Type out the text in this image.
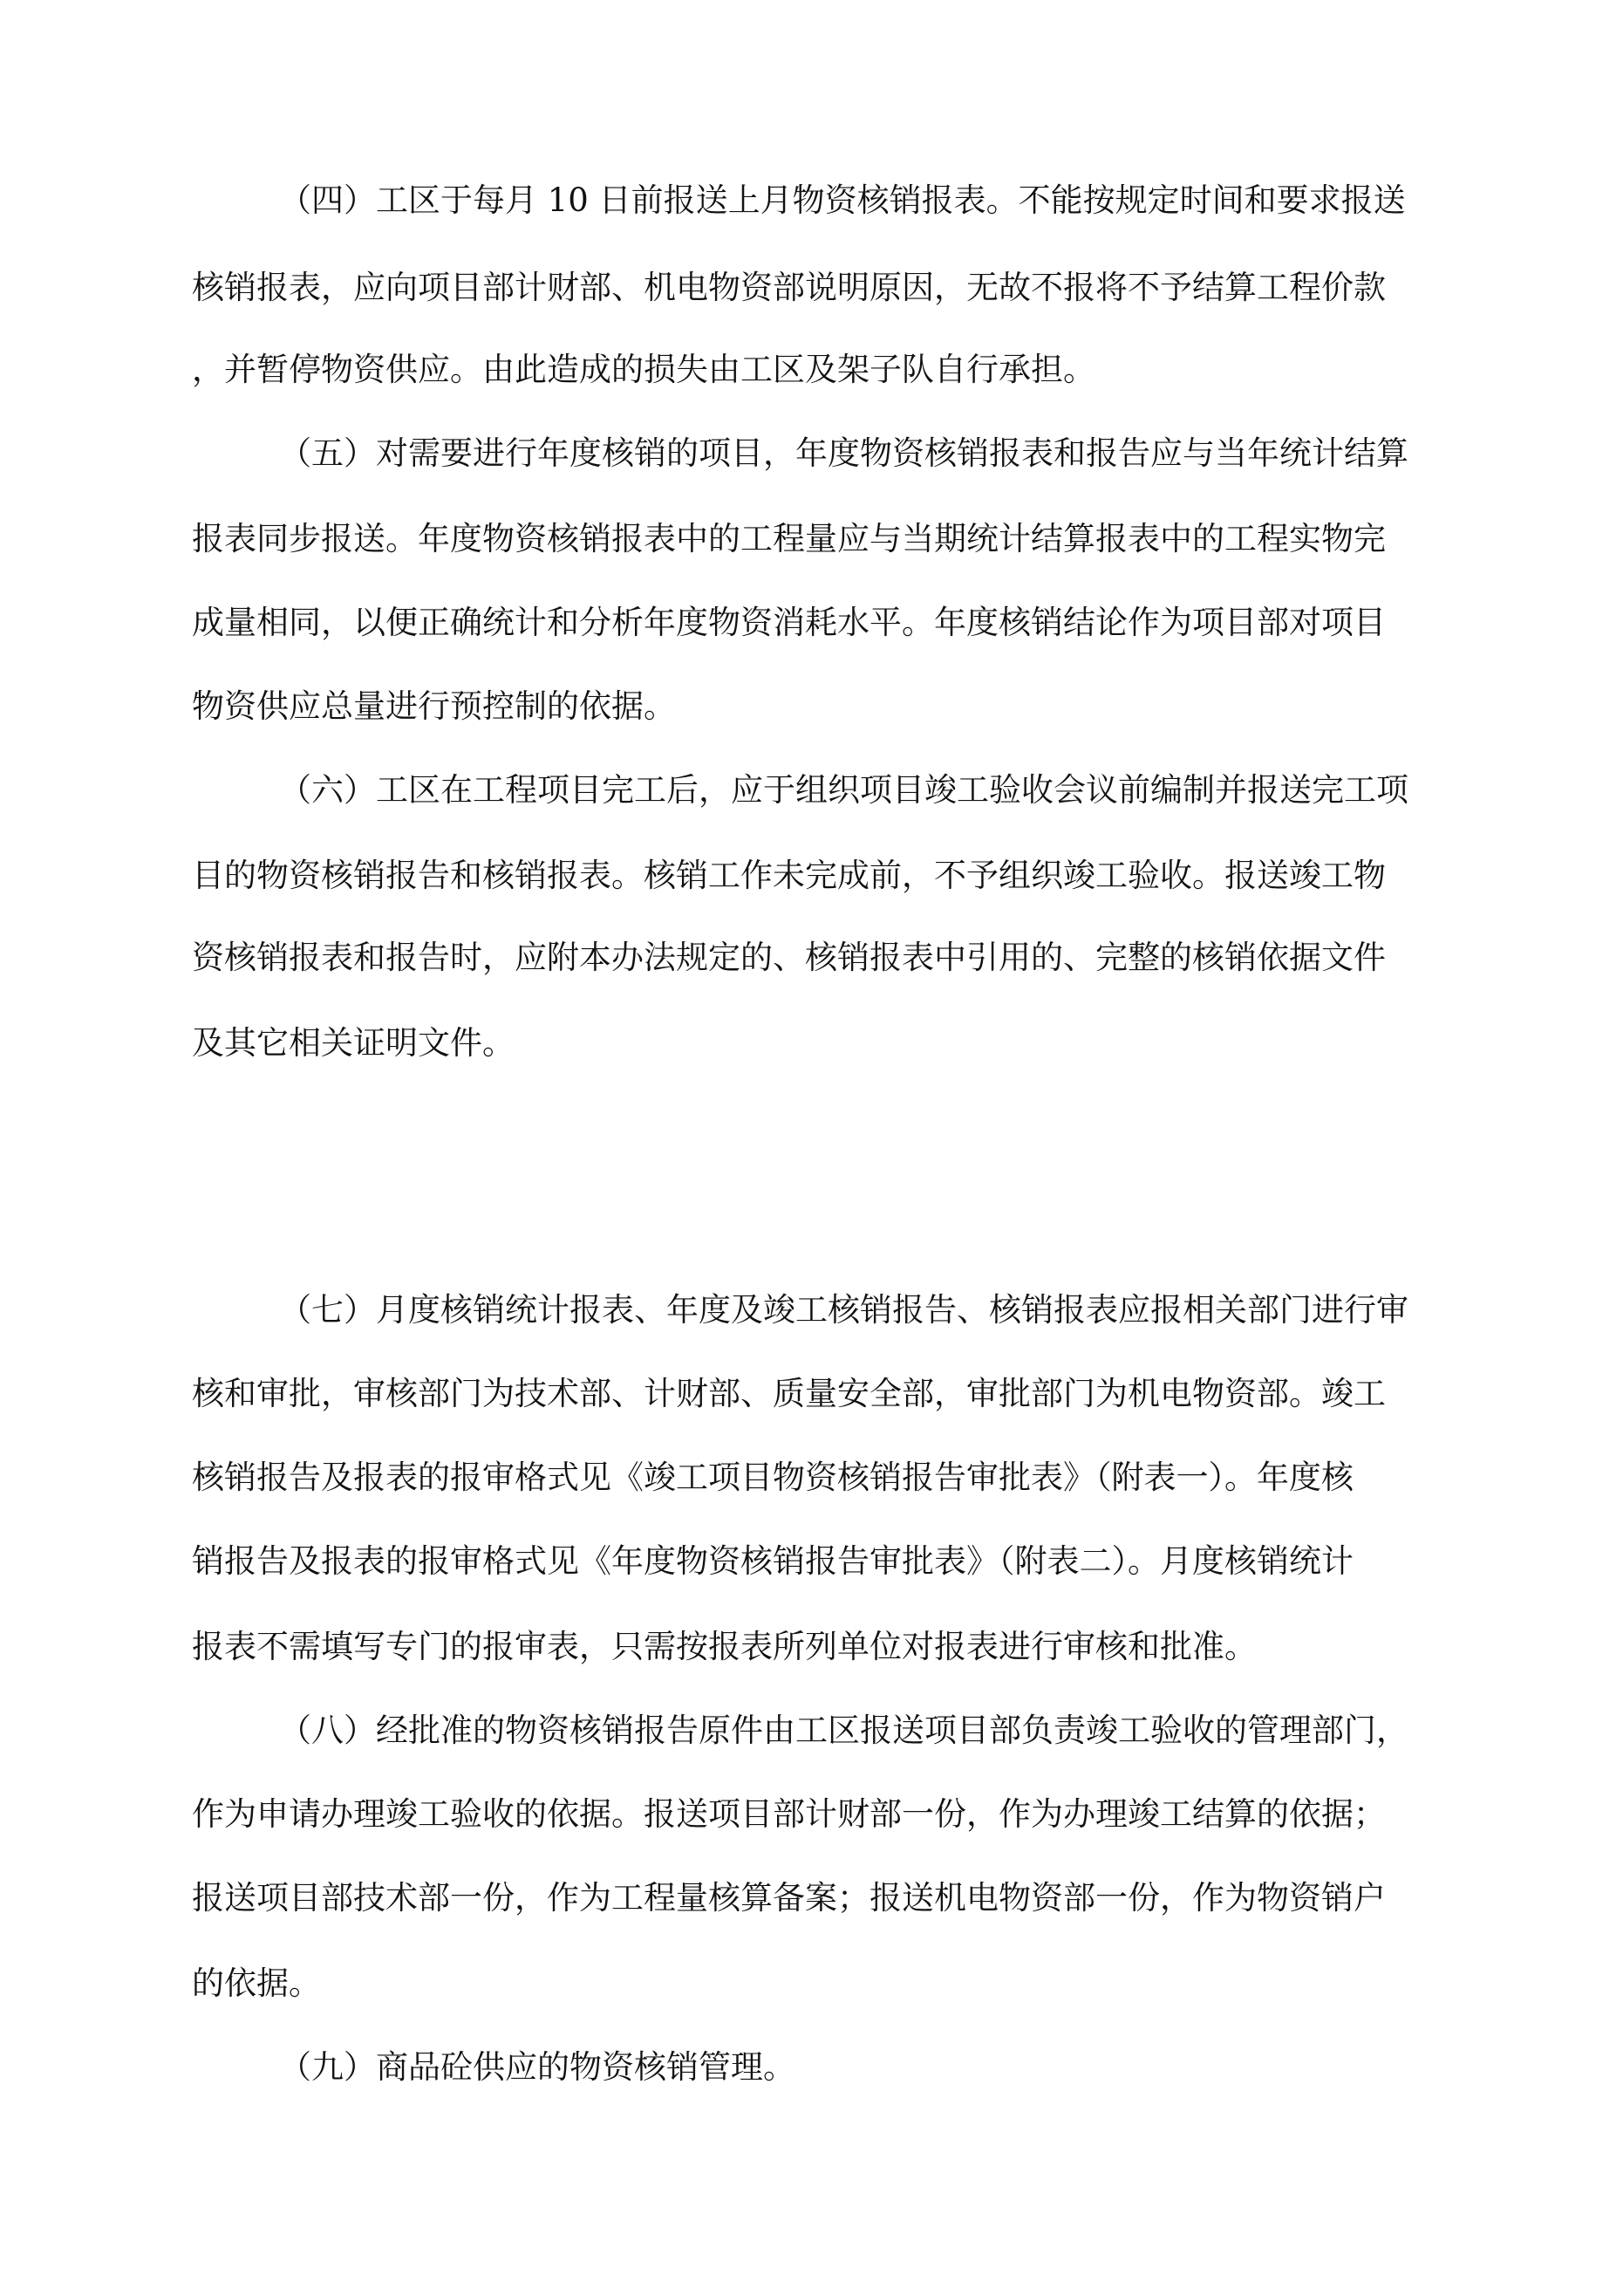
（四）工区于每月 10 日前报送上月物资核销报表。不能按规定时间和要求报送
核销报表，应向项目部计财部、机电物资部说明原因，无故不报将不予结算工程价款
，并暂停物资供应。由此造成的损失由工区及架子队自行承担。
（五）对需要进行年度核销的项目，年度物资核销报表和报告应与当年统计结算
报表同步报送。年度物资核销报表中的工程量应与当期统计结算报表中的工程实物完
成量相同，以便正确统计和分析年度物资消耗水平。年度核销结论作为项目部对项目
物资供应总量进行预控制的依据。
（六）工区在工程项目完工后，应于组织项目竣工验收会议前编制并报送完工项
目的物资核销报告和核销报表。核销工作未完成前，不予组织竣工验收。报送竣工物
资核销报表和报告时，应附本办法规定的、核销报表中引用的、完整的核销依据文件
及其它相关证明文件。
（七）月度核销统计报表、年度及竣工核销报告、核销报表应报相关部门进行审
核和审批，审核部门为技术部、计财部、质量安全部，审批部门为机电物资部。竣工
核销报告及报表的报审格式见《竣工项目物资核销报告审批表》（附表一）。年度核
销报告及报表的报审格式见《年度物资核销报告审批表》（附表二）。月度核销统计
报表不需填写专门的报审表，只需按报表所列单位对报表进行审核和批准。
（八）经批准的物资核销报告原件由工区报送项目部负责竣工验收的管理部门，
作为申请办理竣工验收的依据。报送项目部计财部一份，作为办理竣工结算的依据；
报送项目部技术部一份，作为工程量核算备案；报送机电物资部一份，作为物资销户
的依据。
（九）商品砼供应的物资核销管理。
